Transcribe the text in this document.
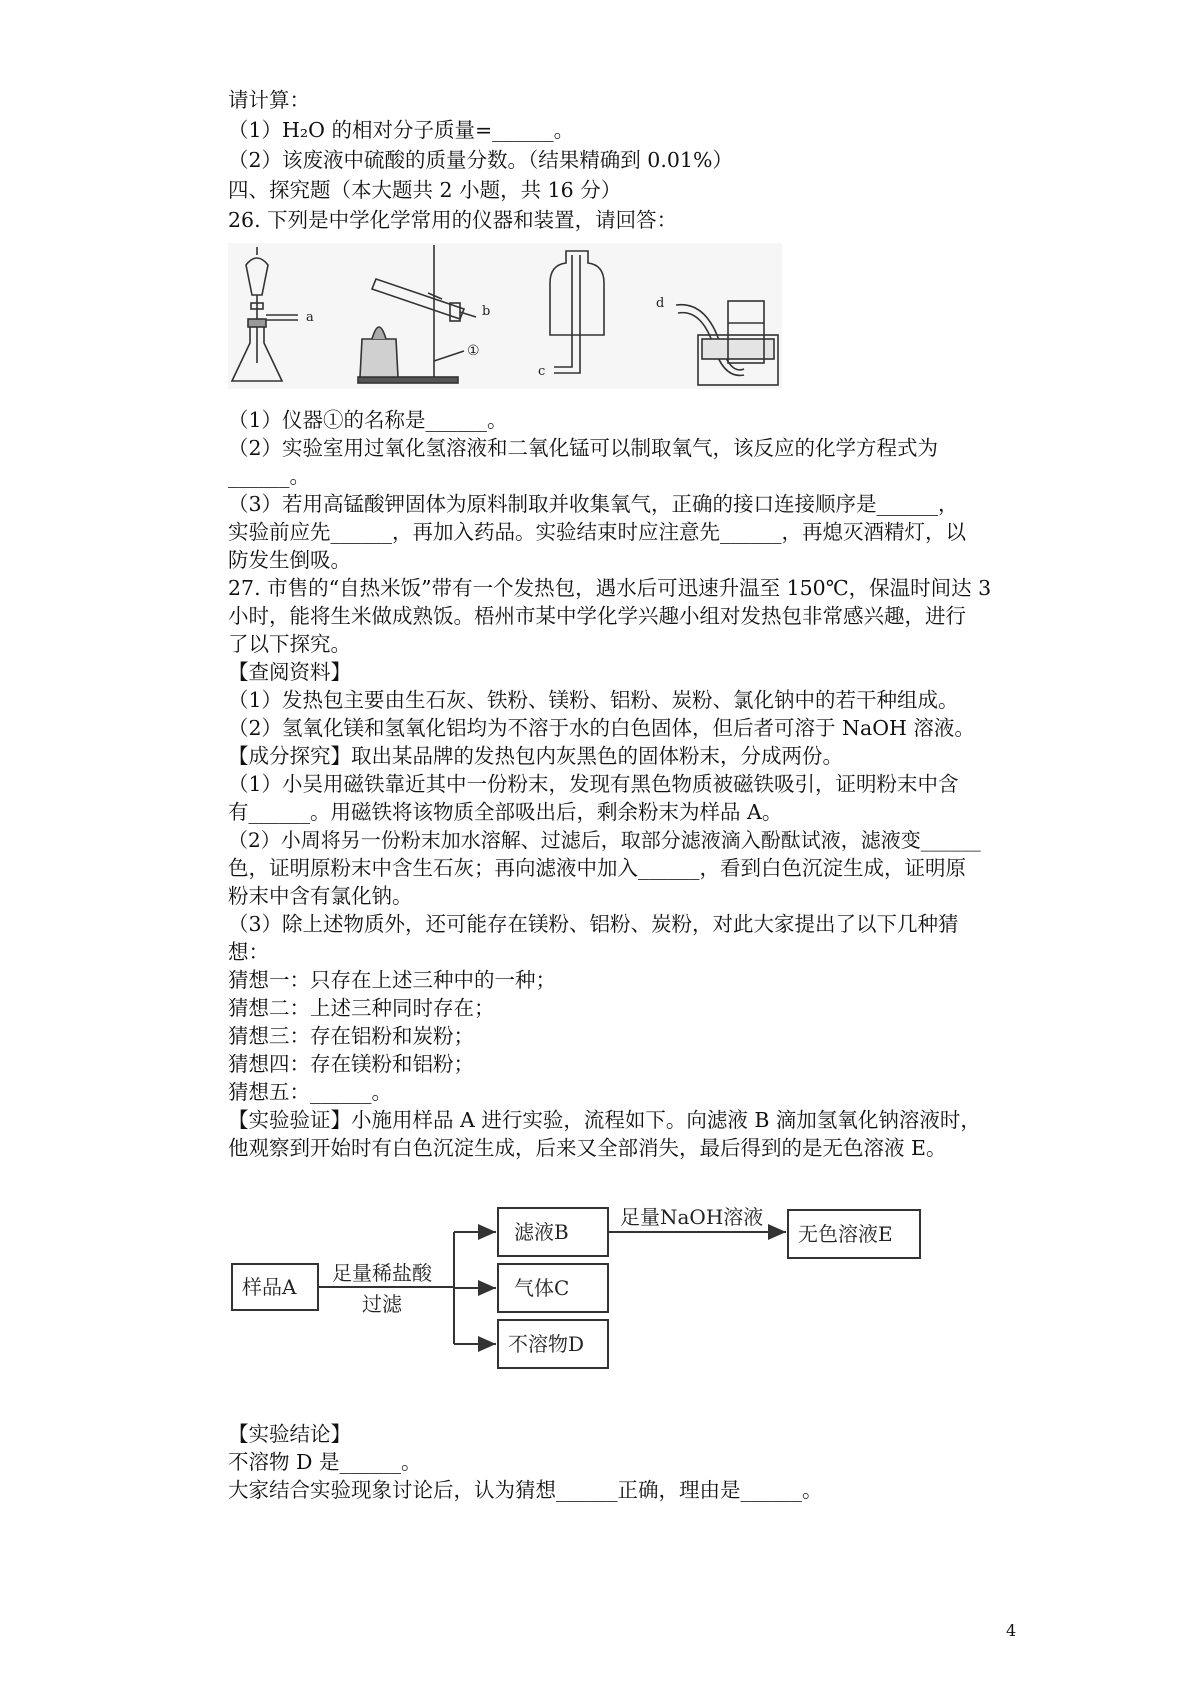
请计算：
（1）H₂O 的相对分子质量=______。
（2）该废液中硫酸的质量分数。（结果精确到 0.01%）
四、探究题（本大题共 2 小题，共 16 分）
26. 下列是中学化学常用的仪器和装置，请回答：
a	b
①
c
d
（1）仪器①的名称是______。
（2）实验室用过氧化氢溶液和二氧化锰可以制取氧气，该反应的化学方程式为
______。
（3）若用高锰酸钾固体为原料制取并收集氧气，正确的接口连接顺序是______，
实验前应先______，再加入药品。实验结束时应注意先______，再熄灭酒精灯，以
防发生倒吸。
27. 市售的“自热米饭”带有一个发热包，遇水后可迅速升温至 150℃，保温时间达 3
小时，能将生米做成熟饭。梧州市某中学化学兴趣小组对发热包非常感兴趣，进行
了以下探究。
【查阅资料】
（1）发热包主要由生石灰、铁粉、镁粉、铝粉、炭粉、氯化钠中的若干种组成。
（2）氢氧化镁和氢氧化铝均为不溶于水的白色固体，但后者可溶于 NaOH 溶液。
【成分探究】取出某品牌的发热包内灰黑色的固体粉末，分成两份。
（1）小吴用磁铁靠近其中一份粉末，发现有黑色物质被磁铁吸引，证明粉末中含
有______。用磁铁将该物质全部吸出后，剩余粉末为样品 A。
（2）小周将另一份粉末加水溶解、过滤后，取部分滤液滴入酚酞试液，滤液变______
色，证明原粉末中含生石灰；再向滤液中加入______，看到白色沉淀生成，证明原
粉末中含有氯化钠。
（3）除上述物质外，还可能存在镁粉、铝粉、炭粉，对此大家提出了以下几种猜
想：
猜想一：只存在上述三种中的一种；
猜想二：上述三种同时存在；
猜想三：存在铝粉和炭粉；
猜想四：存在镁粉和铝粉；
猜想五：______。
【实验验证】小施用样品 A 进行实验，流程如下。向滤液 B 滴加氢氧化钠溶液时，
他观察到开始时有白色沉淀生成，后来又全部消失，最后得到的是无色溶液 E。
样品A
足量稀盐酸
过滤
滤液B
气体C
不溶物D
足量NaOH溶液
无色溶液E
【实验结论】
不溶物 D 是______。
大家结合实验现象讨论后，认为猜想______正确，理由是______。
4
